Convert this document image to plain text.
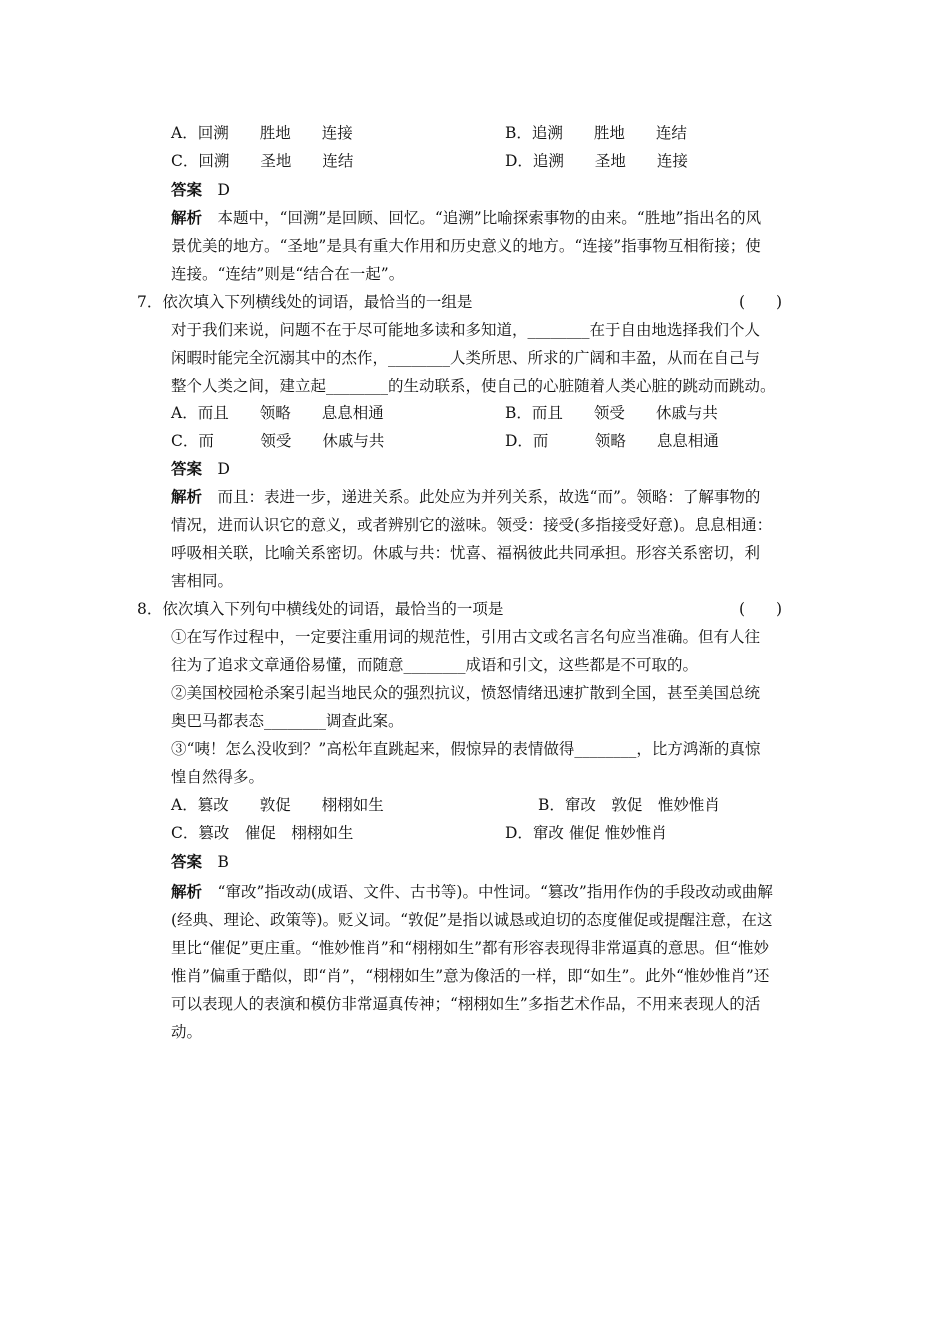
A．回溯　　胜地　　连接	B．追溯　　胜地　　连结
C．回溯　　圣地　　连结	D．追溯　　圣地　　连接
答案　 D
解析　 本题中，“回溯”是回顾、回忆。“追溯”比喻探索事物的由来。“胜地”指出名的风
景优美的地方。“圣地”是具有重大作用和历史意义的地方。“连接”指事物互相衔接；使
连接。“连结”则是“结合在一起”。
7．依次填入下列横线处的词语，最恰当的一组是	(　　)
对于我们来说，问题不在于尽可能地多读和多知道，________在于自由地选择我们个人
闲暇时能完全沉溺其中的杰作，________人类所思、所求的广阔和丰盈，从而在自己与
整个人类之间，建立起________的生动联系，使自己的心脏随着人类心脏的跳动而跳动。
A．而且　　领略　　息息相通	B．而且　　领受　　休戚与共
C．而　　　领受　　休戚与共	D．而　　　领略　　息息相通
答案　 D
解析　 而且：表进一步，递进关系。此处应为并列关系，故选“而”。领略：了解事物的
情况，进而认识它的意义，或者辨别它的滋味。领受：接受(多指接受好意)。息息相通：
呼吸相关联，比喻关系密切。休戚与共：忧喜、福祸彼此共同承担。形容关系密切，利
害相同。
8．依次填入下列句中横线处的词语，最恰当的一项是	(　　)
①在写作过程中，一定要注重用词的规范性，引用古文或名言名句应当准确。但有人往
往为了追求文章通俗易懂，而随意________成语和引文，这些都是不可取的。
②美国校园枪杀案引起当地民众的强烈抗议，愤怒情绪迅速扩散到全国，甚至美国总统
奥巴马都表态________调查此案。
③“咦！怎么没收到？”高松年直跳起来，假惊异的表情做得________，比方鸿渐的真惊
惶自然得多。
A．篡改　　敦促　　栩栩如生	B．窜改　敦促　惟妙惟肖
C．篡改　催促　栩栩如生	D．窜改 催促 惟妙惟肖
答案　 B
解析　 “窜改”指改动(成语、文件、古书等)。中性词。“篡改”指用作伪的手段改动或曲解
(经典、理论、政策等)。贬义词。“敦促”是指以诚恳或迫切的态度催促或提醒注意，在这
里比“催促”更庄重。“惟妙惟肖”和“栩栩如生”都有形容表现得非常逼真的意思。但“惟妙
惟肖”偏重于酷似，即“肖”，“栩栩如生”意为像活的一样，即“如生”。此外“惟妙惟肖”还
可以表现人的表演和模仿非常逼真传神；“栩栩如生”多指艺术作品，不用来表现人的活
动。
